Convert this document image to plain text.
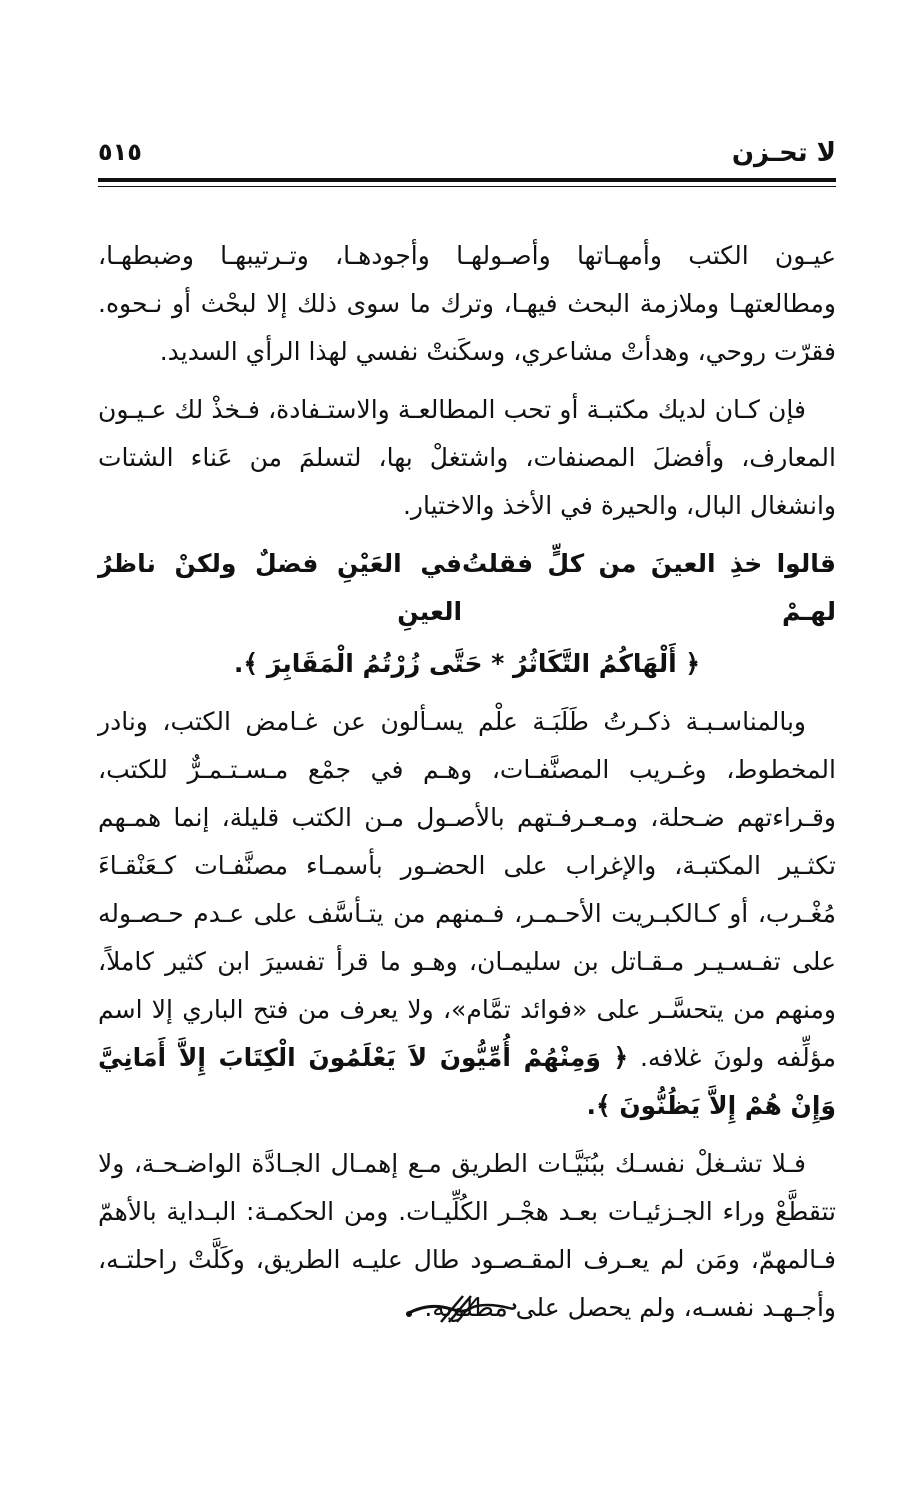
لا تحـزن
٥١٥

عيـون الكتب وأمهـاتها وأصـولهـا وأجودهـا، وتـرتيبهـا وضبطهـا، ومطالعتهـا وملازمة البحث فيهـا، وترك ما سوى ذلك إلا لبحْث أو نـحوه. فقرّت روحي، وهدأتْ مشاعري، وسكَنتْ نفسي لهذا الرأي السديد.

فإن كـان لديك مكتبـة أو تحب المطالعـة والاستـفادة، فـخذْ لك عـيـون المعارف، وأفضلَ المصنفات، واشتغلْ بها، لتسلمَ من عَناء الشتات وانشغال البال، والحيرة في الأخذ والاختيار.

قالوا خذِ العينَ من كلٍّ فقلتُ لهـمْ
في العَيْنِ فضلٌ ولكنْ ناظرُ العينِ

﴿ أَلْهَاكُمُ التَّكَاثُرُ * حَتَّى زُرْتُمُ الْمَقَابِرَ ﴾.

وبالمناسـبـة ذكـرتُ طَلَبَـة علْم يسـألون عن غـامض الكتب، ونادر المخطوط، وغـريب المصنَّفـات، وهـم في جمْع مـسـتـمـرٌّ للكتب، وقـراءتهم ضـحلة، ومـعـرفـتهم بالأصـول مـن الكتب قليلة، إنما همـهم تكثـير المكتبـة، والإغراب على الحضـور بأسمـاء مصنَّفـات كـعَنْقـاءَ مُغْـرب، أو كـالكبـريت الأحـمـر، فـمنهم من يتـأسَّف على عـدم حـصـوله على تفـسـيـر مـقـاتل بن سليمـان، وهـو ما قرأ تفسيرَ ابن كثير كاملاً، ومنهم من يتحسَّـر على «فوائد تمَّام»، ولا يعرف من فتح الباري إلا اسم مؤلِّفه ولونَ غلافه. ﴿ وَمِنْهُمْ أُمِّيُّونَ لاَ يَعْلَمُونَ الْكِتَابَ إِلاَّ أَمَانِيَّ وَإِنْ هُمْ إِلاَّ يَظُنُّونَ ﴾.

فـلا تشـغلْ نفسـك ببُنَيَّـات الطريق مـع إهمـال الجـادَّة الواضـحـة، ولا تتقطَّعْ وراء الجـزئيـات بعـد هجْـر الكُلِّيـات. ومن الحكمـة: البـداية بالأهمّ فـالمهمّ، ومَن لم يعـرف المقـصـود طال عليـه الطريق، وكَلَّتْ راحلتـه، وأجـهـد نفسـه، ولم يحصل على مطلوبه.
